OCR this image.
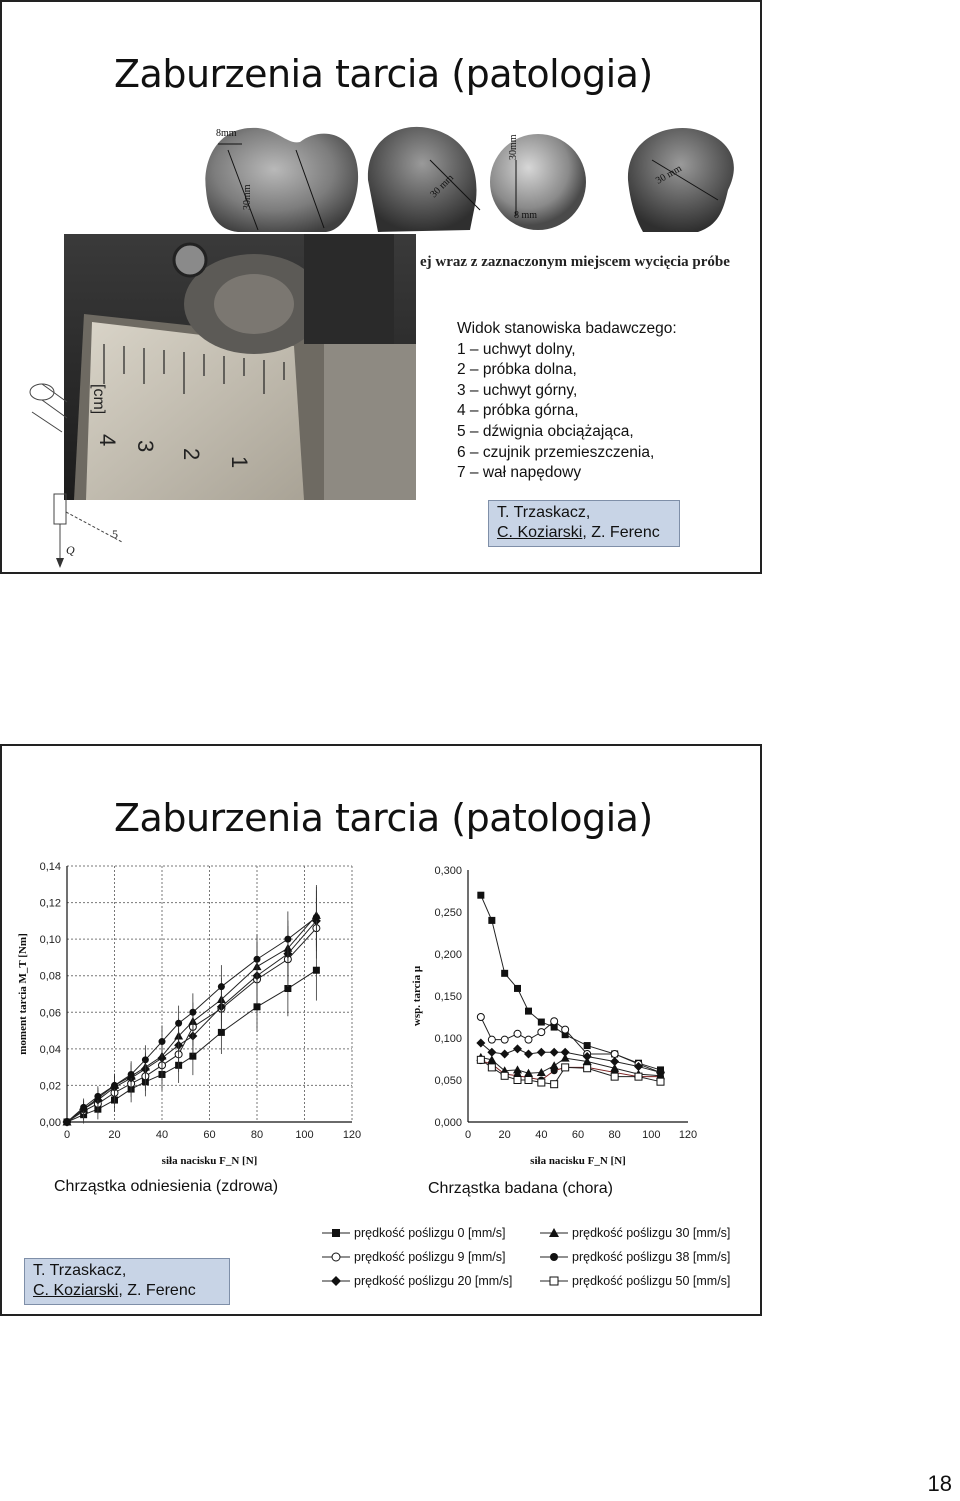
Zaburzenia tarcia (patologia)
8mm
30mm	30 mm
8 mm
30mm
30 mm
4 3
2
1
[cm]
ej wraz z zaznaczonym miejscem wycięcia próbe
5
Q
Widok stanowiska badawczego:
1 – uchwyt dolny,
2 – próbka dolna,
3 – uchwyt górny,
4 – próbka górna,
5 – dźwignia obciążająca,
6 – czujnik przemieszczenia,
7 – wał napędowy
T. Trzaskacz,
C. Koziarski, Z. Ferenc
Zaburzenia tarcia (patologia)
0	20	40	60	80	100	120
0,00
0,02
0,04
0,06
0,08
0,10
0,12
0,14
siła nacisku F_N [N]
moment tarcia M_T [Nm]
0 20 40 60 80 100 120
0,000
0,050
0,100
0,150
0,200
0,250
0,300
siła nacisku F_N [N]
wsp. tarcia μ
Chrząstka odniesienia (zdrowa)	Chrząstka badana (chora)
prędkość poślizgu 0 [mm/s]
prędkość poślizgu 9 [mm/s]
prędkość poślizgu 20 [mm/s]
prędkość poślizgu 30 [mm/s]
prędkość poślizgu 38 [mm/s]
prędkość poślizgu 50 [mm/s]
T. Trzaskacz,
C. Koziarski, Z. Ferenc
18
